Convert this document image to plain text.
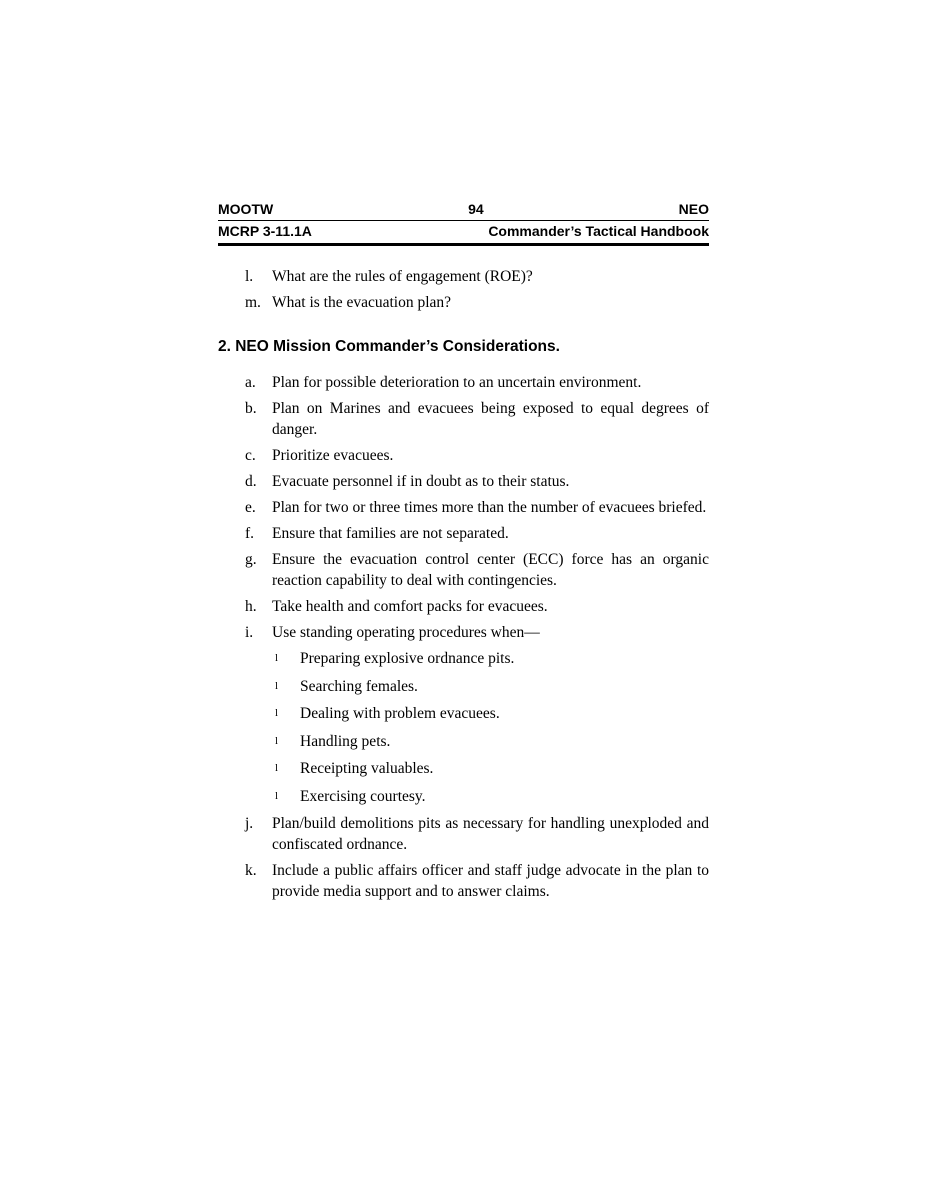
MOOTW	94	NEO
MCRP 3-11.1A	Commander’s Tactical Handbook
l.	What are the rules of engagement (ROE)?
m. What is the evacuation plan?
2. NEO Mission Commander’s Considerations.
a.	Plan for possible deterioration to an uncertain environment.
b. Plan on Marines and evacuees being exposed to equal degrees of danger.
c.	Prioritize evacuees.
d. Evacuate personnel if in doubt as to their status.
e.	Plan for two or three times more than the number of evacuees briefed.
f.	Ensure that families are not separated.
g. Ensure the evacuation control center (ECC) force has an organic reaction capability to deal with contingencies.
h. Take health and comfort packs for evacuees.
i.	Use standing operating procedures when—
l	Preparing explosive ordnance pits.
l	Searching females.
l	Dealing with problem evacuees.
l	Handling pets.
l	Receipting valuables.
l	Exercising courtesy.
j.	Plan/build demolitions pits as necessary for handling unexploded and confiscated ordnance.
k. Include a public affairs officer and staff judge advocate in the plan to provide media support and to answer claims.
